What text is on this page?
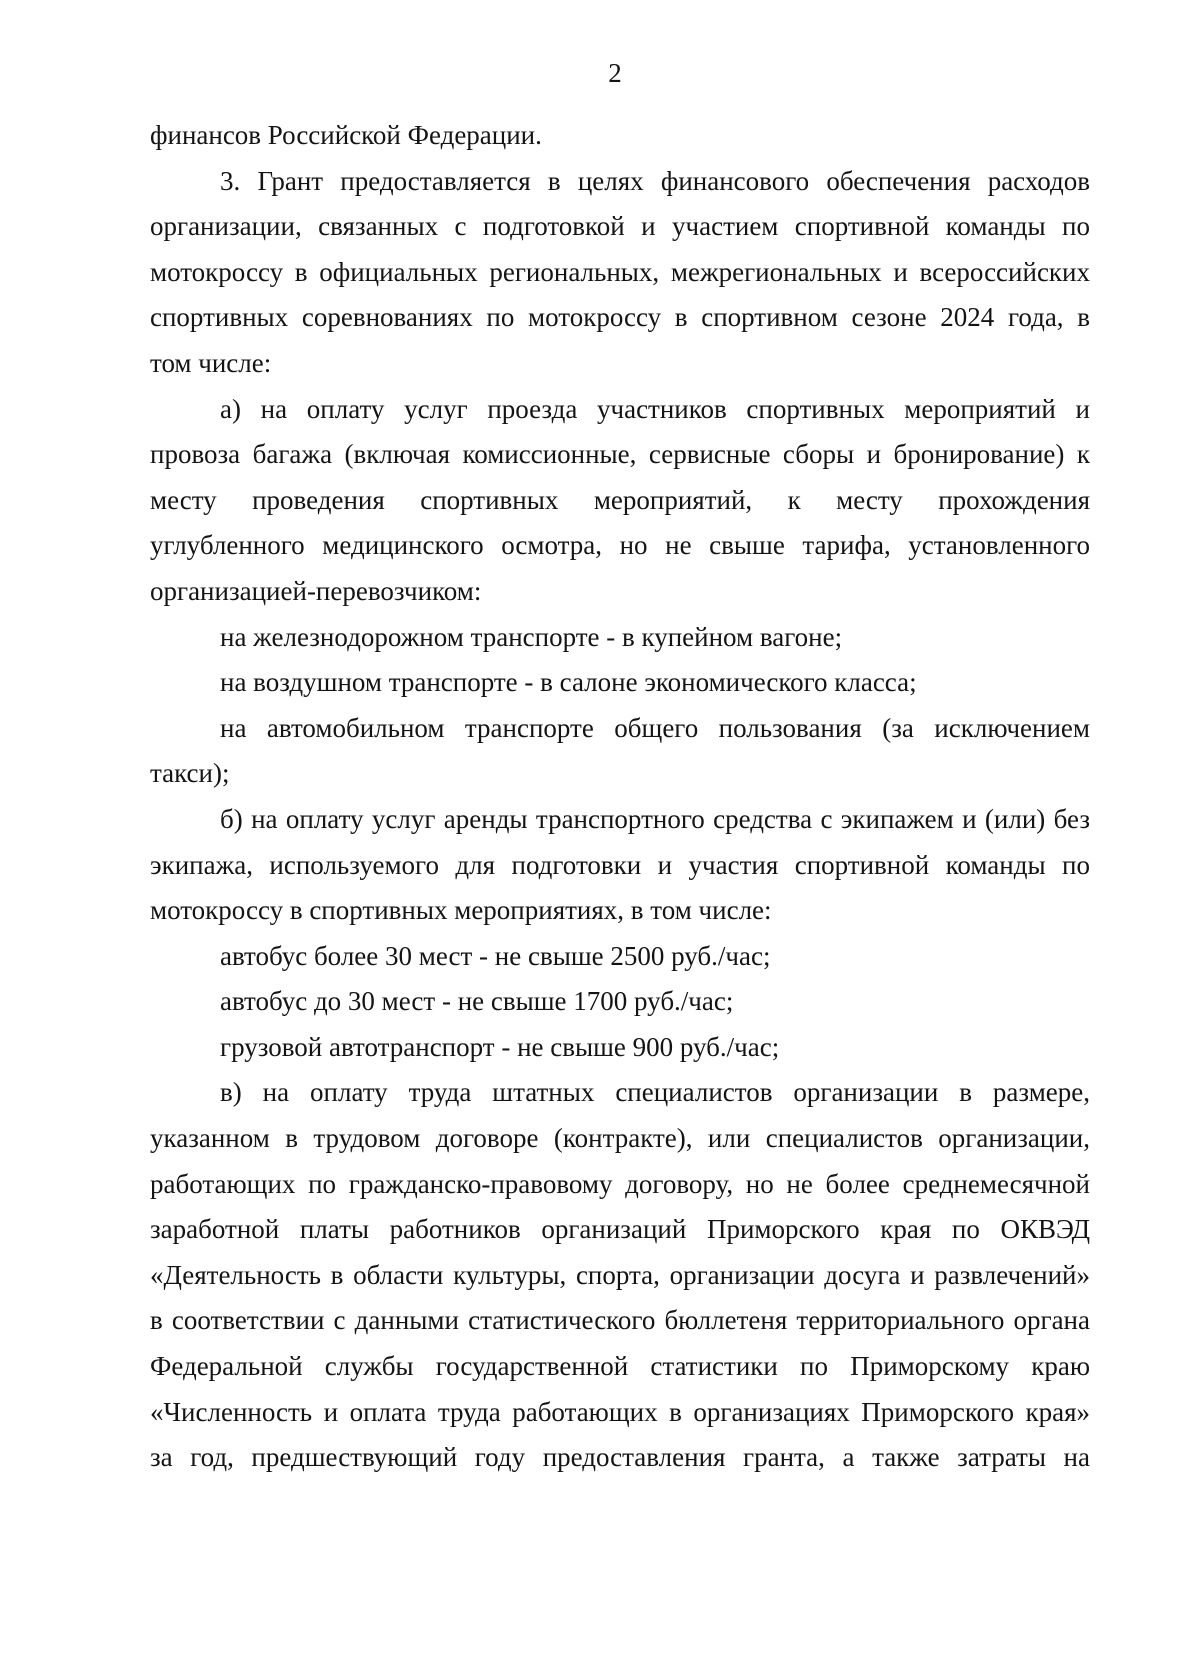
2
финансов Российской Федерации.
3. Грант предоставляется в целях финансового обеспечения расходов
организации, связанных с подготовкой и участием спортивной команды по
мотокроссу в официальных региональных, межрегиональных и всероссийских
спортивных соревнованиях по мотокроссу в спортивном сезоне 2024 года, в
том числе:
а) на оплату услуг проезда участников спортивных мероприятий и
провоза багажа (включая комиссионные, сервисные сборы и бронирование) к
месту проведения спортивных мероприятий, к месту прохождения
углубленного медицинского осмотра, но не свыше тарифа, установленного
организацией-перевозчиком:
на железнодорожном транспорте - в купейном вагоне;
на воздушном транспорте - в салоне экономического класса;
на автомобильном транспорте общего пользования (за исключением
такси);
б) на оплату услуг аренды транспортного средства с экипажем и (или) без
экипажа, используемого для подготовки и участия спортивной команды по
мотокроссу в спортивных мероприятиях, в том числе:
автобус более 30 мест - не свыше 2500 руб./час;
автобус до 30 мест - не свыше 1700 руб./час;
грузовой автотранспорт - не свыше 900 руб./час;
в) на оплату труда штатных специалистов организации в размере,
указанном в трудовом договоре (контракте), или специалистов организации,
работающих по гражданско-правовому договору, но не более среднемесячной
заработной платы работников организаций Приморского края по ОКВЭД
«Деятельность в области культуры, спорта, организации досуга и развлечений»
в соответствии с данными статистического бюллетеня территориального органа
Федеральной службы государственной статистики по Приморскому краю
«Численность и оплата труда работающих в организациях Приморского края»
за год, предшествующий году предоставления гранта, а также затраты на
